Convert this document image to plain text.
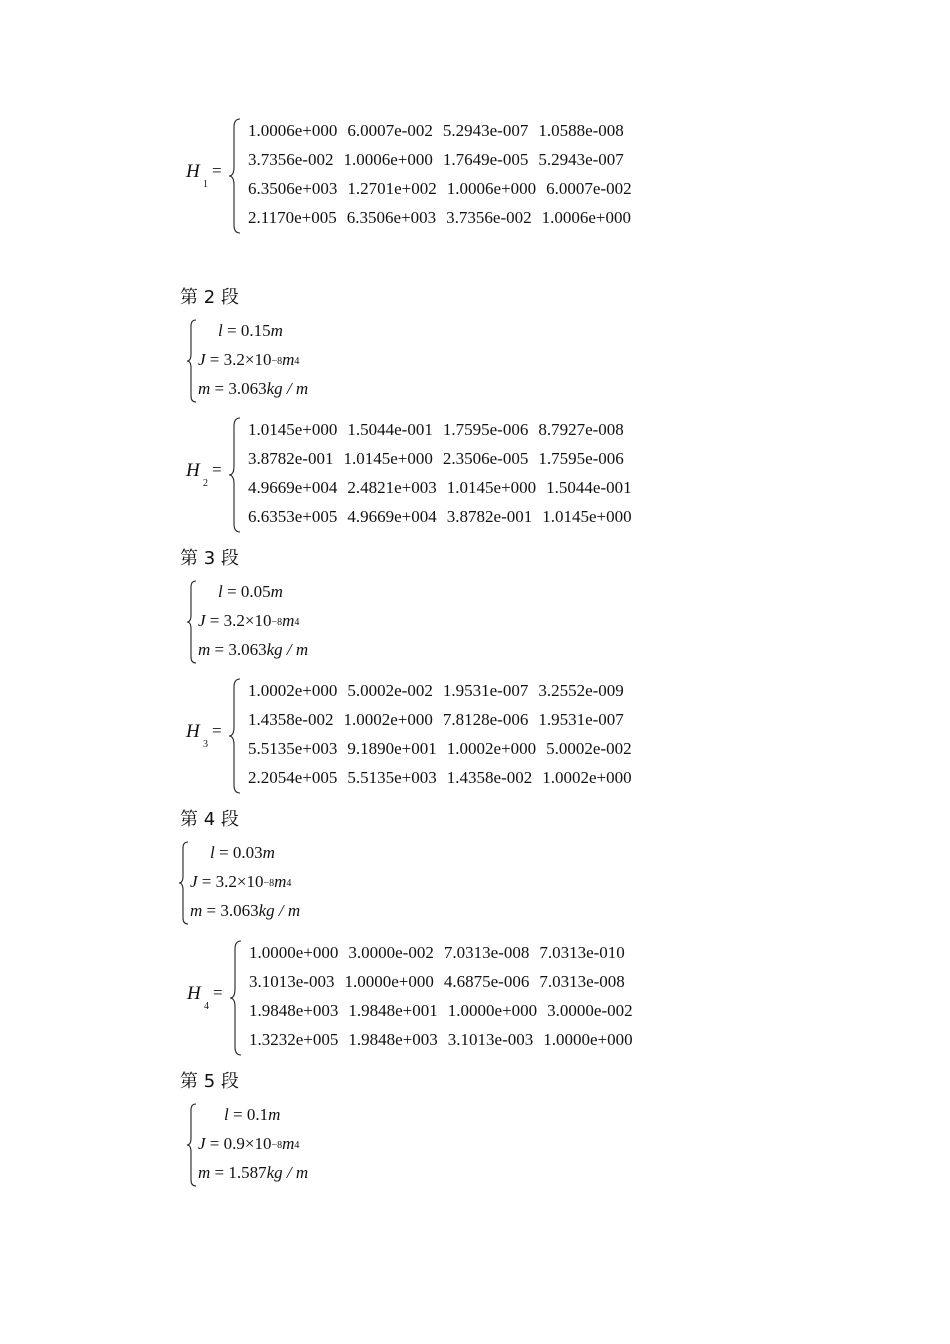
H
1
=
1.0006e+000 6.0007e-002 5.2943e-007 1.0588e-008
3.7356e-002 1.0006e+000 1.7649e-005 5.2943e-007
6.3506e+003 1.2701e+002 1.0006e+000 6.0007e-002
2.1170e+005 6.3506e+003 3.7356e-002 1.0006e+000
第 2 段
l = 0.15m
$J = 3.2\times 10^{-8}m^4$
m = 3.063kg / m
H
2
=
1.0145e+000 1.5044e-001 1.7595e-006 8.7927e-008
3.8782e-001 1.0145e+000 2.3506e-005 1.7595e-006
4.9669e+004 2.4821e+003 1.0145e+000 1.5044e-001
6.6353e+005 4.9669e+004 3.8782e-001 1.0145e+000
第 3 段
l = 0.05m
$J = 3.2\times 10^{-8}m^4$
m = 3.063kg / m
H
3
=
1.0002e+000 5.0002e-002 1.9531e-007 3.2552e-009
1.4358e-002 1.0002e+000 7.8128e-006 1.9531e-007
5.5135e+003 9.1890e+001 1.0002e+000 5.0002e-002
2.2054e+005 5.5135e+003 1.4358e-002 1.0002e+000
第 4 段
l = 0.03m
$J = 3.2\times 10^{-8}m^4$
m = 3.063kg / m
H
4
=
1.0000e+000 3.0000e-002 7.0313e-008 7.0313e-010
3.1013e-003 1.0000e+000 4.6875e-006 7.0313e-008
1.9848e+003 1.9848e+001 1.0000e+000 3.0000e-002
1.3232e+005 1.9848e+003 3.1013e-003 1.0000e+000
第 5 段
l = 0.1m
$J = 0.9\times 10^{-8}m^4$
m = 1.587kg / m
